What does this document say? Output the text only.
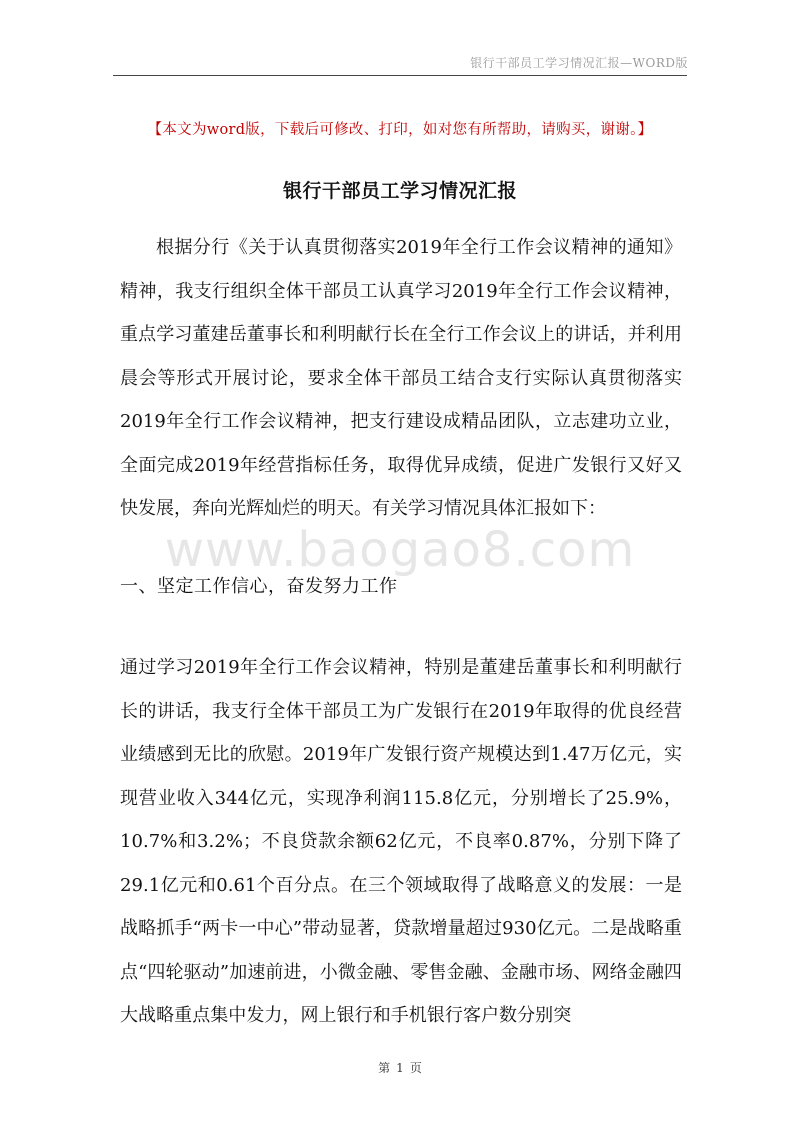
银行干部员工学习情况汇报—WORD版
www.baogao8.com
【本文为word版，下载后可修改、打印，如对您有所帮助，请购买，谢谢。】
银行干部员工学习情况汇报

根据分行《关于认真贯彻落实2019年全行工作会议精神的通知》精神，我支行组织全体干部员工认真学习2019年全行工作会议精神，重点学习董建岳董事长和利明献行长在全行工作会议上的讲话，并利用晨会等形式开展讨论，要求全体干部员工结合支行实际认真贯彻落实2019年全行工作会议精神，把支行建设成精品团队，立志建功立业，全面完成2019年经营指标任务，取得优异成绩，促进广发银行又好又快发展，奔向光辉灿烂的明天。有关学习情况具体汇报如下：

一、坚定工作信心，奋发努力工作

通过学习2019年全行工作会议精神，特别是董建岳董事长和利明献行长的讲话，我支行全体干部员工为广发银行在2019年取得的优良经营业绩感到无比的欣慰。2019年广发银行资产规模达到1.47万亿元，实现营业收入344亿元，实现净利润115.8亿元，分别增长了25.9%，10.7%和3.2%；不良贷款余额62亿元，不良率0.87%，分别下降了29.1亿元和0.61个百分点。在三个领域取得了战略意义的发展：一是战略抓手“两卡一中心”带动显著，贷款增量超过930亿元。二是战略重点“四轮驱动”加速前进，小微金融、零售金融、金融市场、网络金融四大战略重点集中发力，网上银行和手机银行客户数分别突

第 1 页
